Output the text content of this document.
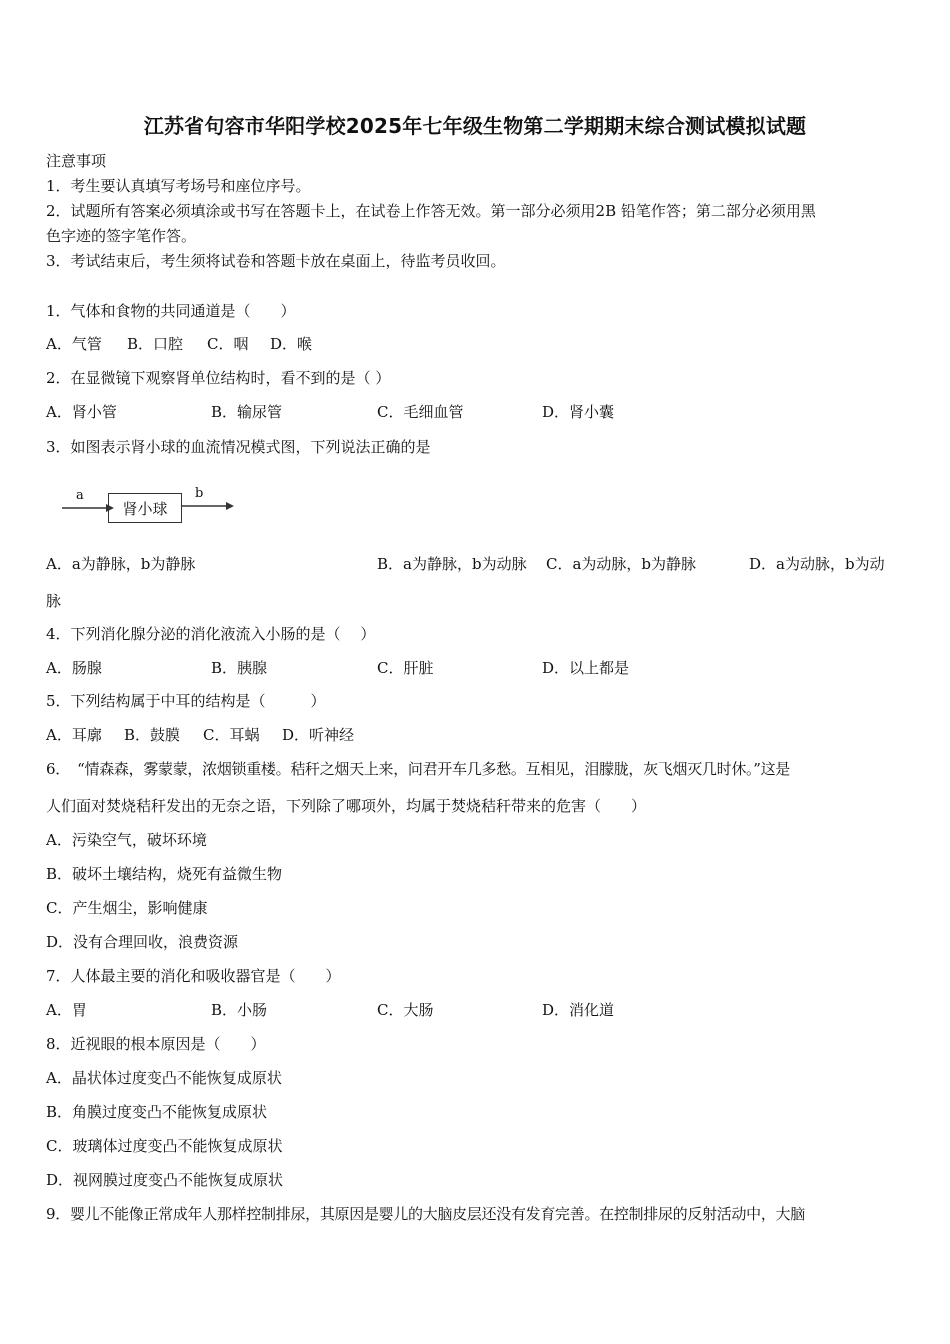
江苏省句容市华阳学校2025年七年级生物第二学期期末综合测试模拟试题
注意事项
1．考生要认真填写考场号和座位序号。
2．试题所有答案必须填涂或书写在答题卡上，在试卷上作答无效。第一部分必须用2B 铅笔作答；第二部分必须用黑
色字迹的签字笔作答。
3．考试结束后，考生须将试卷和答题卡放在桌面上，待监考员收回。
1．气体和食物的共同通道是（　　）
A．气管 B．口腔 C．咽 D．喉
2．在显微镜下观察肾单位结构时，看不到的是（ ）
A．肾小管	B．输尿管	C．毛细血管	D．肾小囊
3．如图表示肾小球的血流情况模式图，下列说法正确的是
a
肾小球
b
A．a为静脉，b为静脉	B．a为静脉，b为动脉 C．a为动脉，b为静脉	D．a为动脉，b为动
脉
4．下列消化腺分泌的消化液流入小肠的是（　 ）
A．肠腺	B．胰腺	C．肝脏	D．以上都是
5．下列结构属于中耳的结构是（　　　）
A．耳廓 B．鼓膜 C．耳蜗 D．听神经
6．　“情森森，雾蒙蒙，浓烟锁重楼。秸秆之烟天上来，问君开车几多愁。互相见，泪朦胧，灰飞烟灭几时休。”这是
人们面对焚烧秸秆发出的无奈之语，下列除了哪项外，均属于焚烧秸秆带来的危害（　　）
A．污染空气，破坏环境
B．破坏土壤结构，烧死有益微生物
C．产生烟尘，影响健康
D．没有合理回收，浪费资源
7．人体最主要的消化和吸收器官是（　　）
A．胃	B．小肠	C．大肠	D．消化道
8．近视眼的根本原因是（　　）
A．晶状体过度变凸不能恢复成原状
B．角膜过度变凸不能恢复成原状
C．玻璃体过度变凸不能恢复成原状
D．视网膜过度变凸不能恢复成原状
9．婴儿不能像正常成年人那样控制排尿，其原因是婴儿的大脑皮层还没有发育完善。在控制排尿的反射活动中，大脑
